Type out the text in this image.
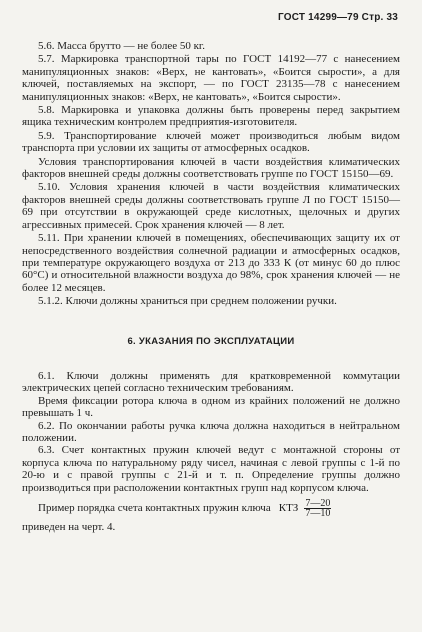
ГОСТ 14299—79 Стр. 33

5.6. Масса брутто — не более 50 кг.

5.7. Маркировка транспортной тары по ГОСТ 14192—77 с нанесением манипуляционных знаков: «Верх, не кантовать», «Боится сырости», а для ключей, поставляемых на экспорт, — по ГОСТ 23135—78 с нанесением манипуляционных знаков: «Верх, не кантовать», «Боится сырости».

5.8. Маркировка и упаковка должны быть проверены перед закрытием ящика техническим контролем предприятия-изготовителя.

5.9. Транспортирование ключей может производиться любым видом транспорта при условии их защиты от атмосферных осадков.

Условия транспортирования ключей в части воздействия климатических факторов внешней среды должны соответствовать группе по ГОСТ 15150—69.

5.10. Условия хранения ключей в части воздействия климатических факторов внешней среды должны соответствовать группе Л по ГОСТ 15150—69 при отсутствии в окружающей среде кислотных, щелочных и других агрессивных примесей. Срок хранения ключей — 8 лет.

5.11. При хранении ключей в помещениях, обеспечивающих защиту их от непосредственного воздействия солнечной радиации и атмосферных осадков, при температуре окружающего воздуха от 213 до 333 К (от минус 60 до плюс 60°С) и относительной влажности воздуха до 98%, срок хранения ключей — не более 12 месяцев.

5.1.2. Ключи должны храниться при среднем положении ручки.

6. УКАЗАНИЯ ПО ЭКСПЛУАТАЦИИ

6.1. Ключи должны применять для кратковременной коммутации электрических цепей согласно техническим требованиям.

Время фиксации ротора ключа в одном из крайних положений не должно превышать 1 ч.

6.2. По окончании работы ручка ключа должна находиться в нейтральном положении.

6.3. Счет контактных пружин ключей ведут с монтажной стороны от корпуса ключа по натуральному ряду чисел, начиная с левой группы с 1-й по 20-ю и с правой группы с 21-й и т. п. Определение группы должно производиться при расположении контактных групп над корпусом ключа.

Пример порядка счета контактных пружин ключа КТЗ $\frac{7—20}{7—10}$

приведен на черт. 4.
